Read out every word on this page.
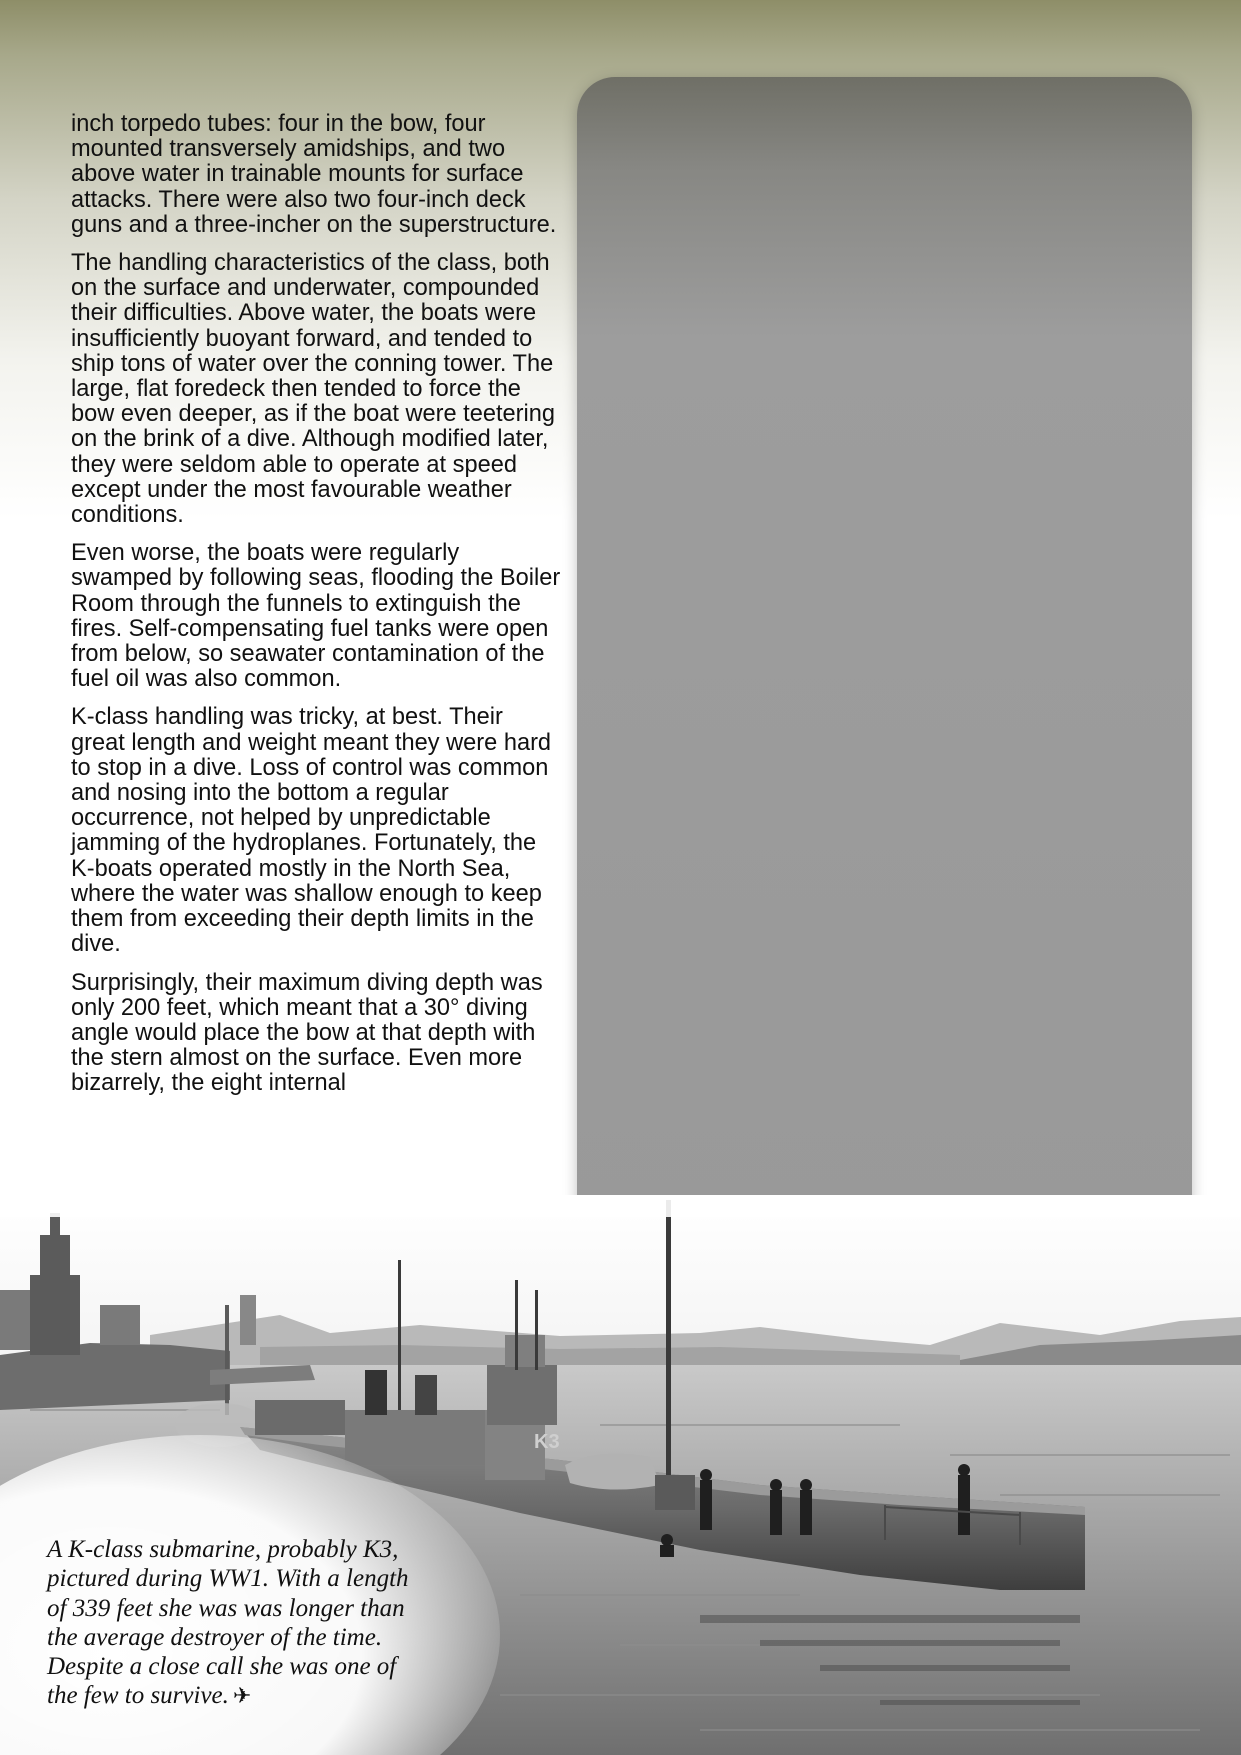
inch torpedo tubes: four in the bow, four mounted transversely amidships, and two above water in trainable mounts for surface attacks. There were also two four-inch deck guns and a three-incher on the superstructure.

The handling characteristics of the class, both on the surface and underwater, compounded their difficulties. Above water, the boats were insufficiently buoyant forward, and tended to ship tons of water over the conning tower. The large, flat foredeck then tended to force the bow even deeper, as if the boat were teetering on the brink of a dive. Although modified later, they were seldom able to operate at speed except under the most favourable weather conditions.

Even worse, the boats were regularly swamped by following seas, flooding the Boiler Room through the funnels to extinguish the fires. Self-compensating fuel tanks were open from below, so seawater contamination of the fuel oil was also common.

K-class handling was tricky, at best. Their great length and weight meant they were hard to stop in a dive. Loss of control was common and nosing into the bottom a regular occurrence, not helped by unpredictable jamming of the hydroplanes. Fortunately, the K-boats operated mostly in the North Sea, where the water was shallow enough to keep them from exceeding their depth limits in the dive.

Surprisingly, their maximum diving depth was only 200 feet, which meant that a 30° diving angle would place the bow at that depth with the stern almost on the surface. Even more bizarrely, the eight internal

K3
A K-class submarine, probably K3, pictured during WW1. With a length of 339 feet she was was longer than the average destroyer of the time. Despite a close call she was one of the few to survive. ✈
